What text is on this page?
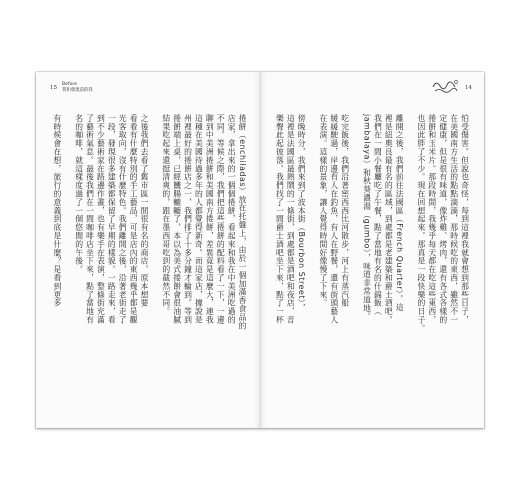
15
Before
我和發現前的我
捲餅（enchiladas）放在托盤上，由於一個加滿香食品的
店家，拿出來的一個個捲餅，看起來和我在中美洲吃過的
不同。等候之際，我們把這些捲餅的配料看了一下，一邊
聊到中美洲捲餅和美國南方捲餅，差異竟是這麼大，連我
這種在美國待過多年的人都覺得新奇。而這家店，據說是
州裡最好的捲餅店之一，我們排了十多分鐘才輪到。等到
捲餅端上桌，已經饑腸轆轆了，本以為美式捲餅會很油膩
結果吃起來還挺清爽的，跟在墨西哥吃到的截然不同。
之後我們去看了舊市區一間很有名的商店，原本想要
看看有什麼特別的手工藝品，可是店內的東西幾乎都是觀
光客取向，沒有什麼特色。我們離開之後，沿著老街走了
一段，發現很多建築都保留了早期的樣貌。一路走來，看
到不少藝術家在路邊作畫，也有樂手在表演，整條街充滿
了藝術氣息。最後我們在一間咖啡店坐下來，點了當地有
名的咖啡，就這樣度過了一個悠閒的午後。
有時候會在想，旅行的意義到底是什麼？是看到更多
14
怕受傷害。但說也奇怪，每到這裡我就會想到那些日子，
在美國南方生活的點點滴滴，那時候吃的東西，雖然不一
定健康，但是很有味道，像炸雞、烤肉，還有各式各樣的
捲餅和玉米片。那段時間，我幾乎每天都在吃這些東西，
也因此胖了不少。現在回想起來，那真是一段快樂的日子。
離開之後，我們前往法國區（French Quarter）。這
裡是紐奧良最有名的區域，到處都是老建築和爵士酒吧。
我們在一間小餐廳吃了午餐，點了當地有名的什錦飯（
jambalaya）和秋葵濃湯（gumbo），味道非常道地。
吃完飯後，我們沿著密西西比河散步，河上有蒸汽船
緩緩駛過，岸邊有人在釣魚，有人在野餐，還有街頭藝人
在表演。這樣的景象，讓人覺得時間好像慢了下來。
傍晚時分，我們來到了波本街（Bourbon Street），
這裡是法國區最熱鬧的一條街，到處都是酒吧和夜店，音
樂聲此起彼落。我們找了一間爵士酒吧坐下來，點了一杯
